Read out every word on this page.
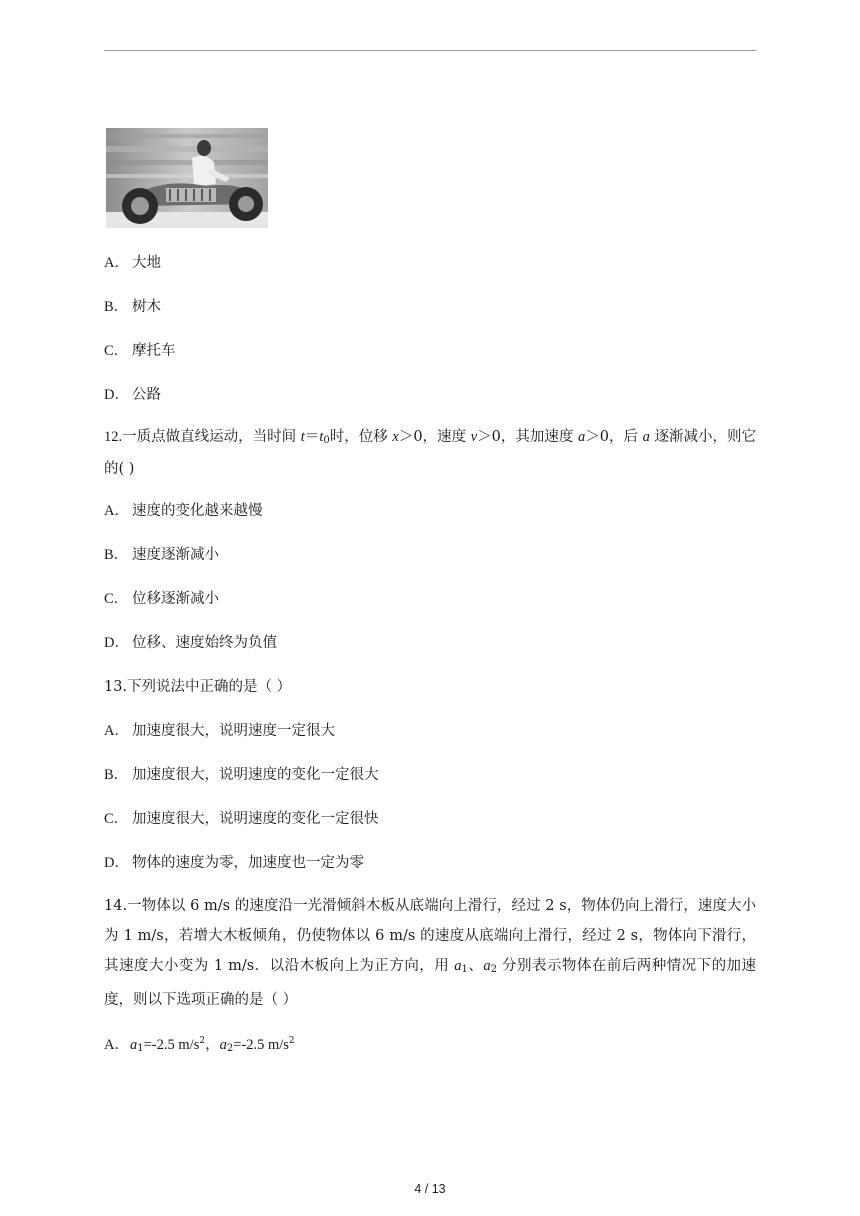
A． 大地
B． 树木
C． 摩托车
D． 公路
12.一质点做直线运动，当时间 $t=t_0$时，位移 x＞0，速度 v＞0，其加速度 a＞0，后 a 逐渐减小，则它的( )
A． 速度的变化越来越慢
B． 速度逐渐减小
C． 位移逐渐减小
D． 位移、速度始终为负值
13.下列说法中正确的是（ ）
A． 加速度很大，说明速度一定很大
B． 加速度很大，说明速度的变化一定很大
C． 加速度很大，说明速度的变化一定很快
D． 物体的速度为零，加速度也一定为零
14.一物体以 6 m/s 的速度沿一光滑倾斜木板从底端向上滑行，经过 2 s，物体仍向上滑行，速度大小为 1 m/s，若增大木板倾角，仍使物体以 6 m/s 的速度从底端向上滑行，经过 2 s，物体向下滑行，其速度大小变为 1 m/s．以沿木板向上为正方向，用 $a_1$、$a_2$ 分别表示物体在前后两种情况下的加速度，则以下选项正确的是（ ）
A．$a_1=-2.5$ $m/s^2$，$a_2=-2.5$ $m/s^2$
4 / 13
